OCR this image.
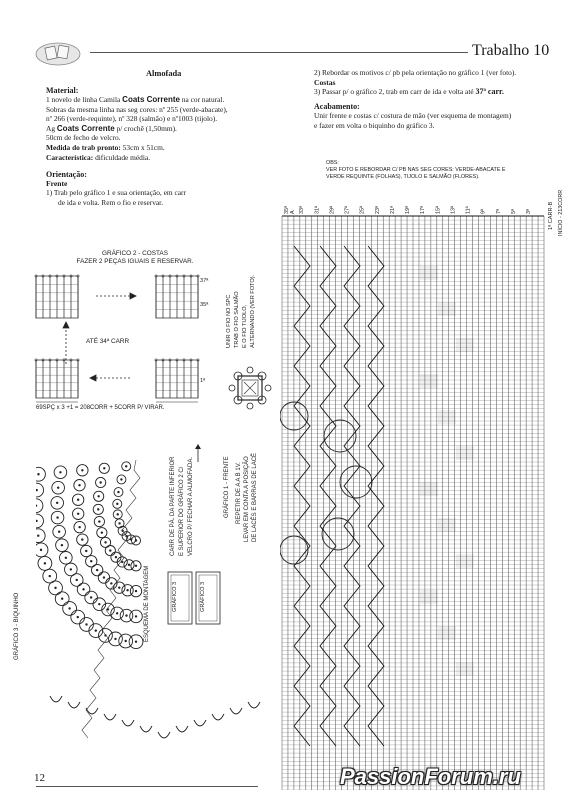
Trabalho 10
Almofada

Material:

1 novelo de linha Camila Coats Corrente na cor natural.

Sobras da mesma linha nas seg cores: nº 255 (verde-abacate),

nº 266 (verde-requinte), nº 328 (salmão) e nº1003 (tijolo).

Ag Coats Corrente p/ crochê (1,50mm).

50cm de fecho de velcro.

Medida do trab pronto: 53cm x 51cm.

Característica: dificuldade média.

Orientação:

Frente

1) Trab pelo gráfico 1 e sua orientação, em carr

de ida e volta. Rem o fio e reservar.

2) Rebordar os motivos c/ pb pela orientação no gráfico 1 (ver foto).
Costas
3) Passar p/ o gráfico 2, trab em carr de ida e volta até 37ª carr.
Acabamento:
Unir frente e costas c/ costura de mão (ver esquema de montagem)
e fazer em volta o biquinho do gráfico 3.
OBS:
VER FOTO E REBORDAR C/ PB NAS SEG CORES: VERDE-ABACATE E
VERDE REQUINTE (FOLHAS), TIJOLO E SALMÃO (FLORES).
35ª 33ª 31ª 29ª 27ª 25ª 23ª 21ª 19ª 17ª 15ª 13ª 11ª 9ª 7ª 5ª 3ª
A	1ª CARR-B INÍCIO - 213CORR
GRÁFICO 1 - FRENTE REPETIR DE A A B 1V. LEVAR EM CONTA A POSIÇÃO DE LACÊS E BARRAS DE LACÊ
UNIR O FIO NO SPC TRAB O FIO SALMÃO E O FIO TIJOLO, ALTERNANDO (VER FOTO).
GRÁFICO 2 - COSTAS
FAZER 2 PEÇAS IGUAIS E RESERVAR.
ATÉ 34ª CARR
37ª
35ª
1ª
69SPÇ x 3 +1 = 208CORR + 5CORR P/ VIRAR.
GRÁFICO 3 - BIQUINHO	ESQUEMA DE MONTAGEM	GRÁFICO 3	GRÁFICO 3
CARR DE PÁ. DA PARTE INFERIOR E SUPERIOR DO GRÁFICO 2 C/ VELCRO P/ FECHAR A ALMOFADA.
12	PassionForum.ru
